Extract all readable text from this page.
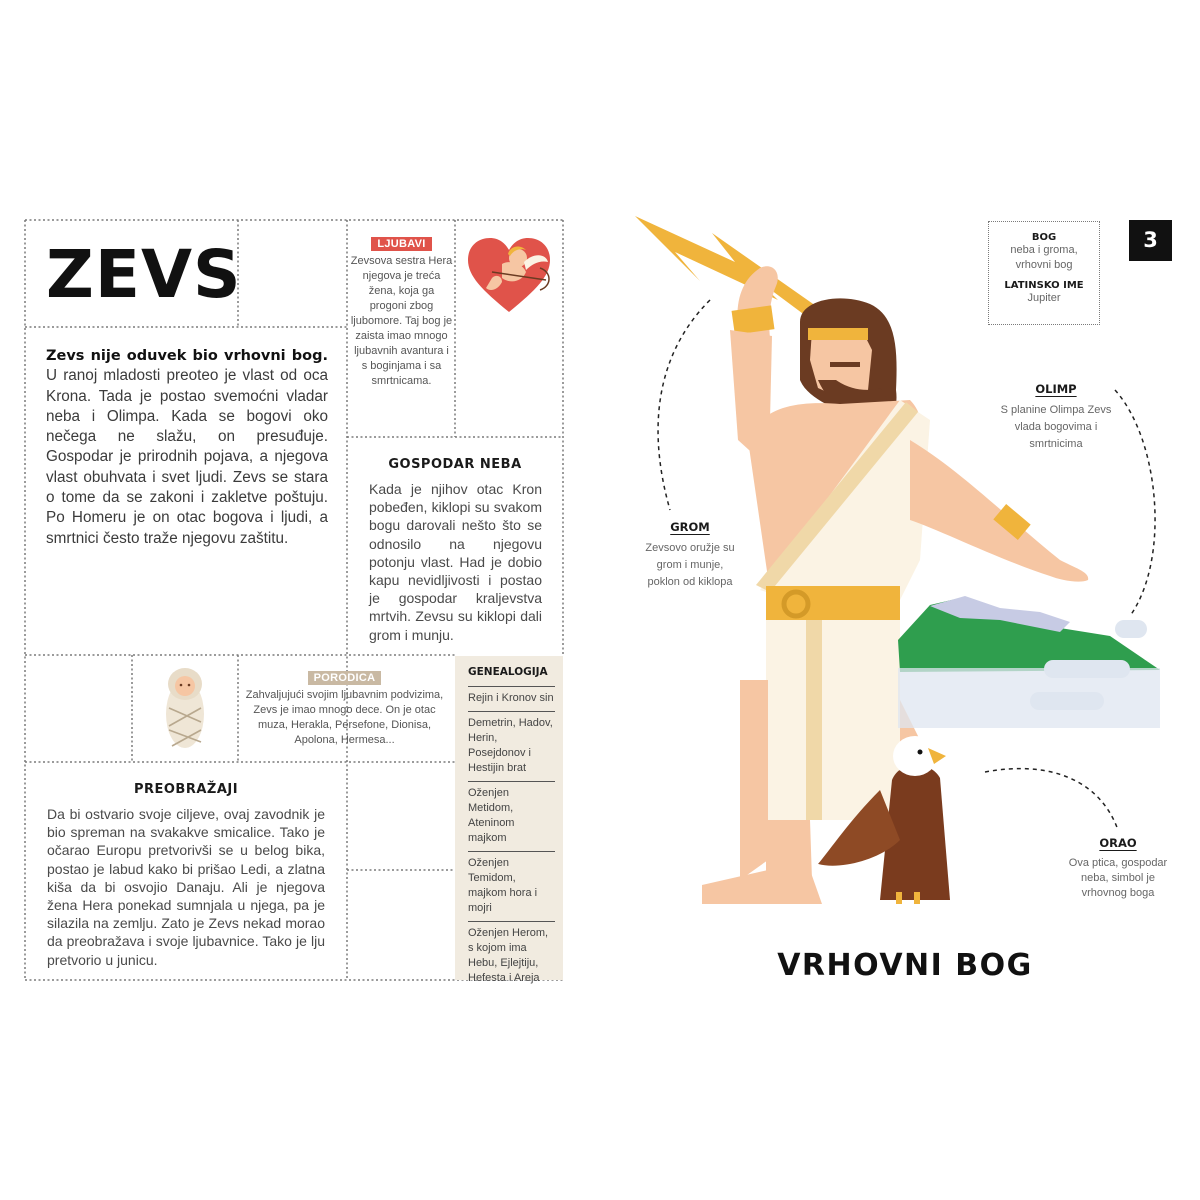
ZEVS
Zevs nije oduvek bio vrhovni bog. U ranoj mladosti preoteo je vlast od oca Krona. Tada je postao svemoćni vladar neba i Olimpa. Kada se bogovi oko nečega ne slažu, on presuđuje. Gospodar je prirodnih pojava, a njegova vlast obuhvata i svet ljudi. Zevs se stara o tome da se zakoni i zakletve poštuju. Po Homeru je on otac bogova i ljudi, a smrtnici često traže njegovu zaštitu.
LJUBAVI
Zevsova sestra Hera njegova je treća žena, koja ga progoni zbog ljubomore. Taj bog je zaista imao mnogo ljubavnih avantura i s boginjama i sa smrtnicama.
GOSPODAR NEBA
Kada je njihov otac Kron pobeđen, kiklopi su svakom bogu darovali nešto što se odnosilo na njegovu potonju vlast. Had je dobio kapu nevidljivosti i postao je gospodar kraljevstva mrtvih. Zevsu su kiklopi dali grom i munju.
PORODICA
Zahvaljujući svojim ljubavnim podvizima, Zevs je imao mnogo dece. On je otac muza, Herakla, Persefone, Dionisa, Apolona, Hermesa...
PREOBRAŽAJI
Da bi ostvario svoje ciljeve, ovaj zavodnik je bio spreman na svakakve smicalice. Tako je očarao Europu pretvorivši se u belog bika, postao je labud kako bi prišao Ledi, a zlatna kiša da bi osvojio Danaju. Ali je njegova žena Hera ponekad sumnjala u njega, pa je silazila na zemlju. Zato je Zevs nekad morao da preobražava i svoje ljubavnice. Tako je lju pretvorio u junicu.
GENEALOGIJA
Rejin i Kronov sin
Demetrin, Hadov, Herin, Posejdonov i Hestijin brat
Oženjen Metidom, Ateninom majkom
Oženjen Temidom, majkom hora i mojri
Oženjen Herom, s kojom ima Hebu, Ejlejtiju, Hefesta i Areja
3
BOG
neba i groma, vrhovni bog
LATINSKO IME
Jupiter
GROM
Zevsovo oružje su grom i munje, poklon od kiklopa
OLIMP
S planine Olimpa Zevs vlada bogovima i smrtnicima
ORAO
Ova ptica, gospodar neba, simbol je vrhovnog boga
VRHOVNI BOG
